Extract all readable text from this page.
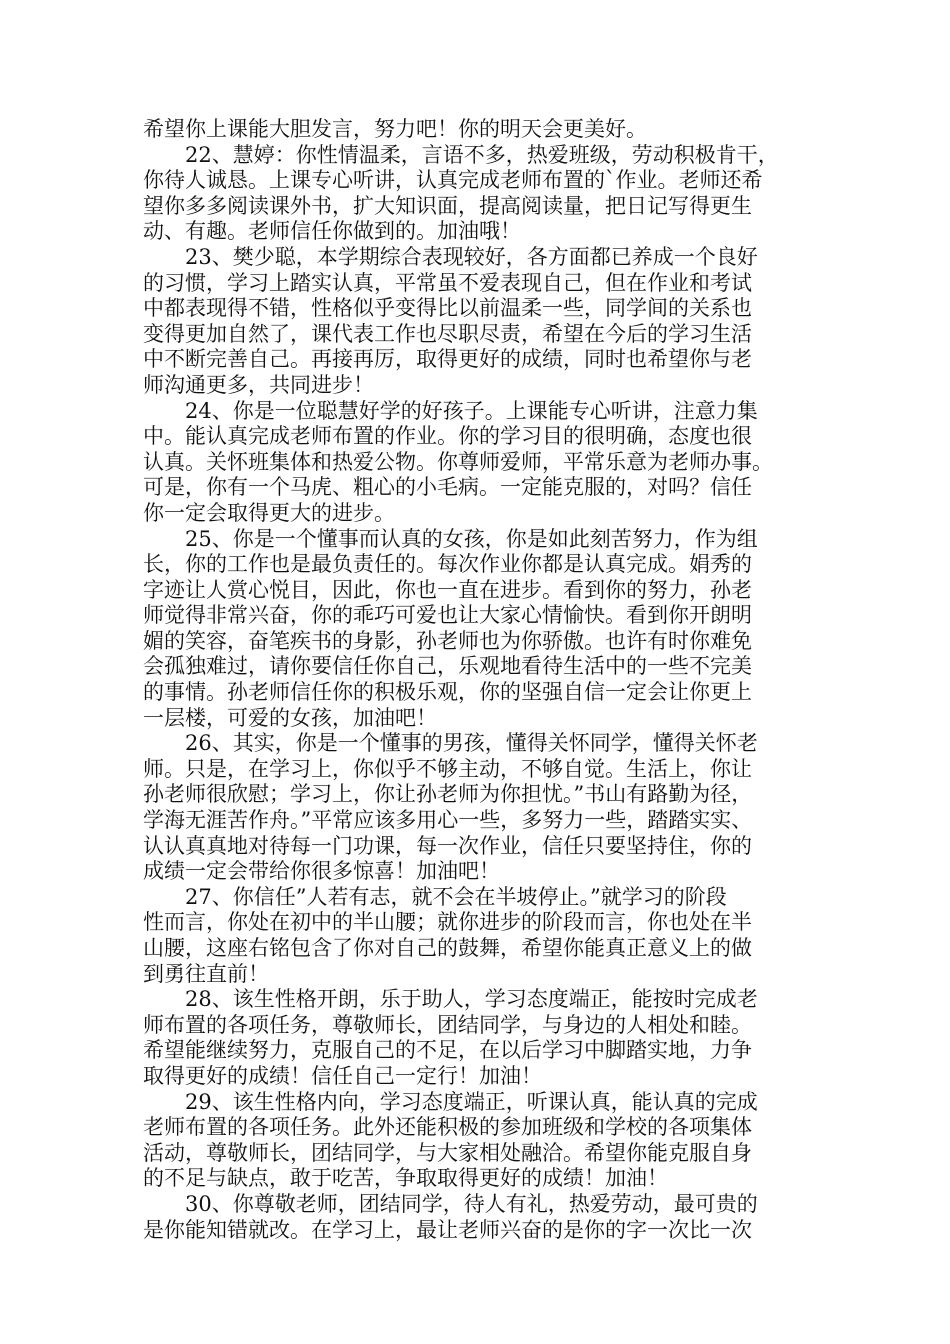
希望你上课能大胆发言，努力吧！你的明天会更美好。
22、慧婷：你性情温柔，言语不多，热爱班级，劳动积极肯干，
你待人诚恳。上课专心听讲，认真完成老师布置的`作业。老师还希
望你多多阅读课外书，扩大知识面，提高阅读量，把日记写得更生
动、有趣。老师信任你做到的。加油哦！
23、樊少聪，本学期综合表现较好，各方面都已养成一个良好
的习惯，学习上踏实认真，平常虽不爱表现自己，但在作业和考试
中都表现得不错，性格似乎变得比以前温柔一些，同学间的关系也
变得更加自然了，课代表工作也尽职尽责，希望在今后的学习生活
中不断完善自己。再接再厉，取得更好的成绩，同时也希望你与老
师沟通更多，共同进步！
24、你是一位聪慧好学的好孩子。上课能专心听讲，注意力集
中。能认真完成老师布置的作业。你的学习目的很明确，态度也很
认真。关怀班集体和热爱公物。你尊师爱师，平常乐意为老师办事。
可是，你有一个马虎、粗心的小毛病。一定能克服的，对吗？信任
你一定会取得更大的进步。
25、你是一个懂事而认真的女孩，你是如此刻苦努力，作为组
长，你的工作也是最负责任的。每次作业你都是认真完成。娟秀的
字迹让人赏心悦目，因此，你也一直在进步。看到你的努力，孙老
师觉得非常兴奋，你的乖巧可爱也让大家心情愉快。看到你开朗明
媚的笑容，奋笔疾书的身影，孙老师也为你骄傲。也许有时你难免
会孤独难过，请你要信任你自己，乐观地看待生活中的一些不完美
的事情。孙老师信任你的积极乐观，你的坚强自信一定会让你更上
一层楼，可爱的女孩，加油吧！
26、其实，你是一个懂事的男孩，懂得关怀同学，懂得关怀老
师。只是，在学习上，你似乎不够主动，不够自觉。生活上，你让
孙老师很欣慰；学习上，你让孙老师为你担忧。”书山有路勤为径，
学海无涯苦作舟。”平常应该多用心一些，多努力一些，踏踏实实、
认认真真地对待每一门功课，每一次作业，信任只要坚持住，你的
成绩一定会带给你很多惊喜！加油吧！
27、你信任”人若有志，就不会在半坡停止。”就学习的阶段
性而言，你处在初中的半山腰；就你进步的阶段而言，你也处在半
山腰，这座右铭包含了你对自己的鼓舞，希望你能真正意义上的做
到勇往直前！
28、该生性格开朗，乐于助人，学习态度端正，能按时完成老
师布置的各项任务，尊敬师长，团结同学，与身边的人相处和睦。
希望能继续努力，克服自己的不足，在以后学习中脚踏实地，力争
取得更好的成绩！信任自己一定行！加油！
29、该生性格内向，学习态度端正，听课认真，能认真的完成
老师布置的各项任务。此外还能积极的参加班级和学校的各项集体
活动，尊敬师长，团结同学，与大家相处融洽。希望你能克服自身
的不足与缺点，敢于吃苦，争取取得更好的成绩！加油！
30、你尊敬老师，团结同学，待人有礼，热爱劳动，最可贵的
是你能知错就改。在学习上，最让老师兴奋的是你的字一次比一次
